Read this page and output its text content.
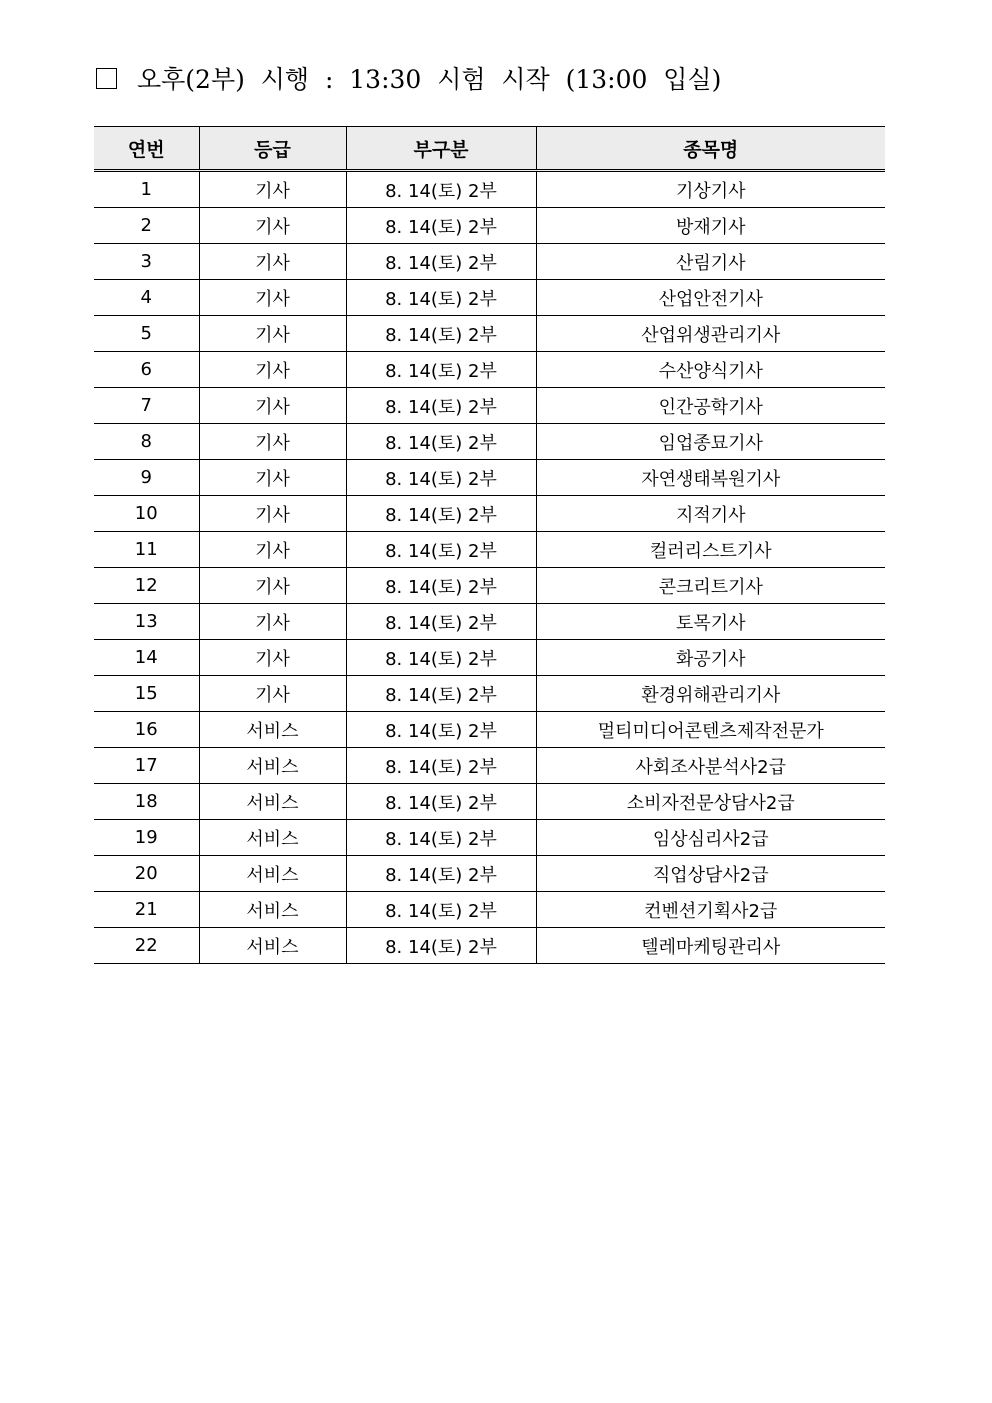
오후(2부)  시행  :  13:30  시험  시작  (13:00  입실)
연번	등급	부구분	종목명
1	기사	8. 14(토) 2부	기상기사
2	기사	8. 14(토) 2부	방재기사
3	기사	8. 14(토) 2부	산림기사
4	기사	8. 14(토) 2부	산업안전기사
5	기사	8. 14(토) 2부	산업위생관리기사
6	기사	8. 14(토) 2부	수산양식기사
7	기사	8. 14(토) 2부	인간공학기사
8	기사	8. 14(토) 2부	임업종묘기사
9	기사	8. 14(토) 2부	자연생태복원기사
10	기사	8. 14(토) 2부	지적기사
11	기사	8. 14(토) 2부	컬러리스트기사
12	기사	8. 14(토) 2부	콘크리트기사
13	기사	8. 14(토) 2부	토목기사
14	기사	8. 14(토) 2부	화공기사
15	기사	8. 14(토) 2부	환경위해관리기사
16	서비스	8. 14(토) 2부	멀티미디어콘텐츠제작전문가
17	서비스	8. 14(토) 2부	사회조사분석사2급
18	서비스	8. 14(토) 2부	소비자전문상담사2급
19	서비스	8. 14(토) 2부	임상심리사2급
20	서비스	8. 14(토) 2부	직업상담사2급
21	서비스	8. 14(토) 2부	컨벤션기획사2급
22	서비스	8. 14(토) 2부	텔레마케팅관리사
